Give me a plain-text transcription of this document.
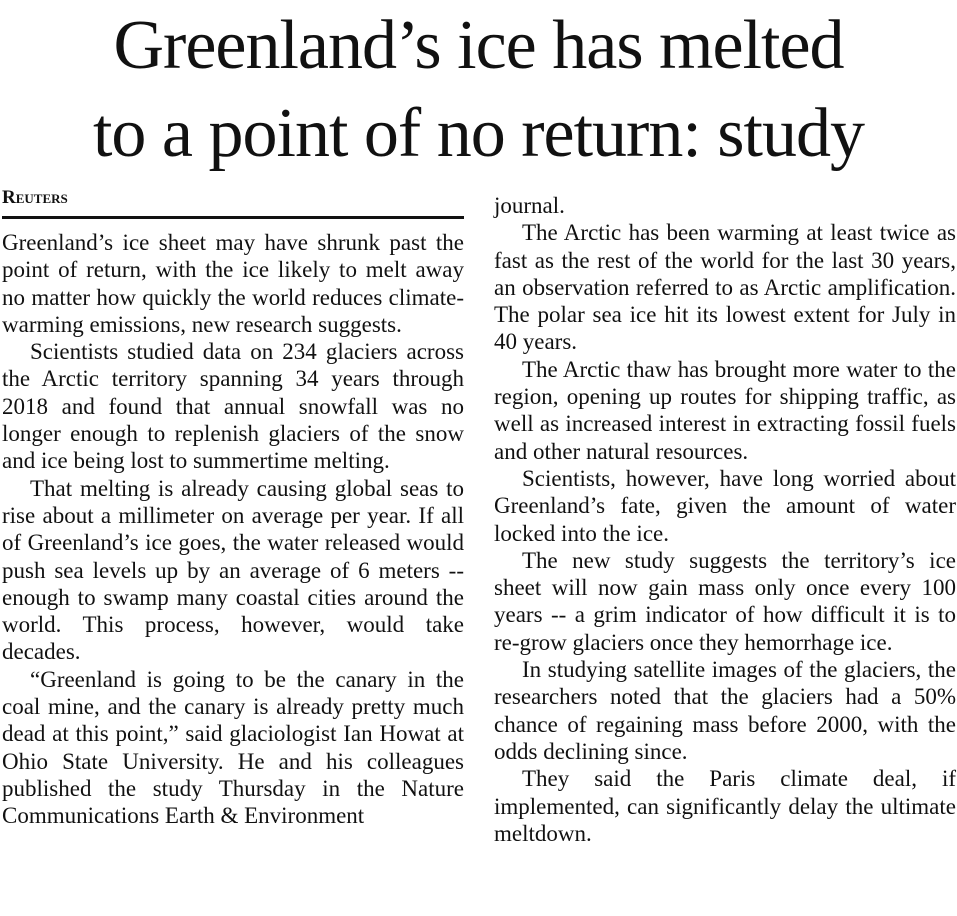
Greenland’s ice has melted
to a point of no return: study
Reuters

Greenland’s ice sheet may have shrunk past the point of return, with the ice likely to melt away no matter how quickly the world reduces climate-warming emissions, new research suggests.

Scientists studied data on 234 glaciers across the Arctic territory spanning 34 years through 2018 and found that annual snowfall was no longer enough to replenish glaciers of the snow and ice being lost to summertime melting.

That melting is already causing global seas to rise about a millimeter on average per year. If all of Greenland’s ice goes, the water released would push sea levels up by an average of 6 meters -- enough to swamp many coastal cities around the world. This process, however, would take decades.

“Greenland is going to be the canary in the coal mine, and the canary is already pretty much dead at this point,” said glaciologist Ian Howat at Ohio State University. He and his colleagues published the study Thursday in the Nature Communications Earth & Environment

journal.

The Arctic has been warming at least twice as fast as the rest of the world for the last 30 years, an observation referred to as Arctic amplification. The polar sea ice hit its lowest extent for July in 40 years.

The Arctic thaw has brought more water to the region, opening up routes for shipping traffic, as well as increased interest in extracting fossil fuels and other natural resources.

Scientists, however, have long worried about Greenland’s fate, given the amount of water locked into the ice.

The new study suggests the territory’s ice sheet will now gain mass only once every 100 years -- a grim indicator of how difficult it is to re-grow glaciers once they hemorrhage ice.

In studying satellite images of the glaciers, the researchers noted that the glaciers had a 50% chance of regaining mass before 2000, with the odds declining since.

They said the Paris climate deal, if implemented, can significantly delay the ultimate meltdown.
